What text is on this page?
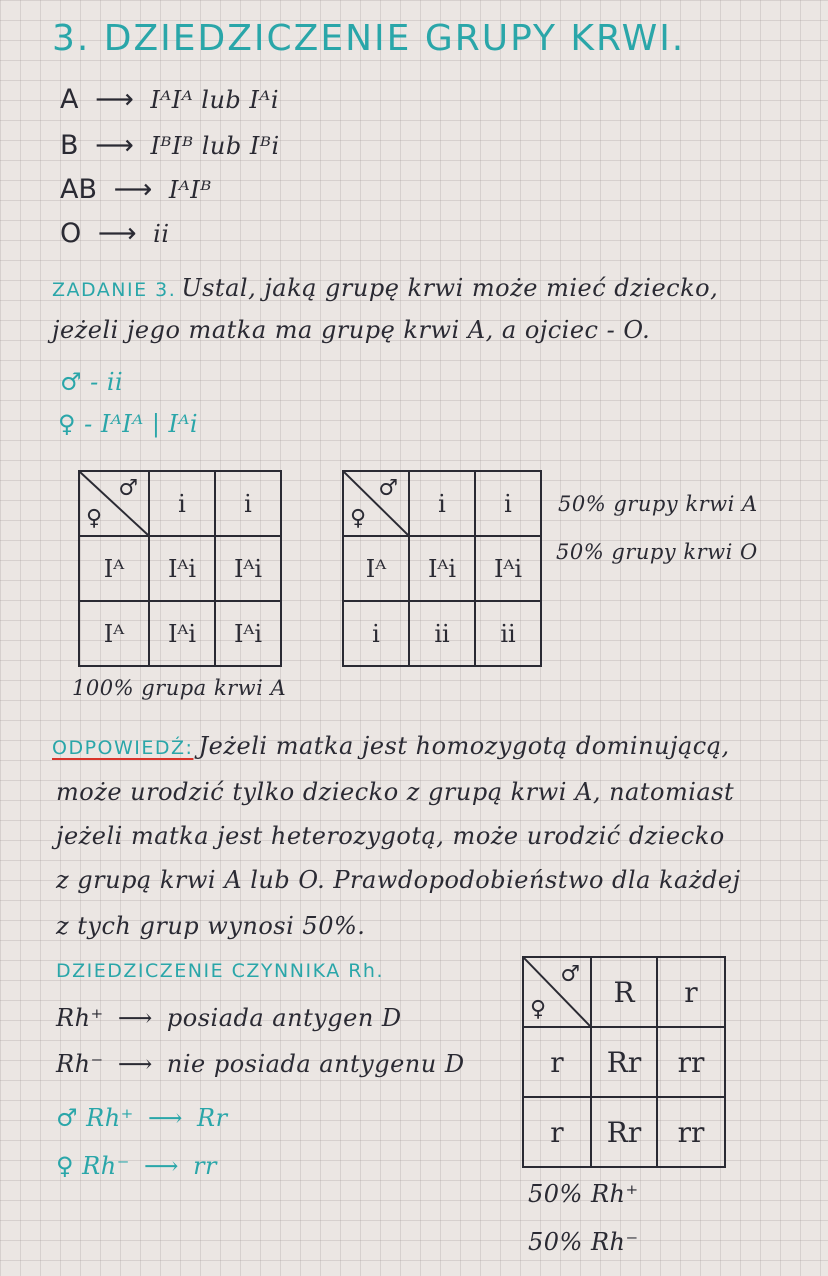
3. DZIEDZICZENIE GRUPY KRWI.
A ⟶ IᴬIᴬ lub Iᴬi
B ⟶ IᴮIᴮ lub Iᴮi
AB ⟶ IᴬIᴮ
O ⟶ ii
ZADANIE 3. Ustal, jaką grupę krwi może mieć dziecko,
jeżeli jego matka ma grupę krwi A, a ojciec - O.
♂ - ii
♀ - IᴬIᴬ | Iᴬi
♂
♀	i	i
Iᴬ	Iᴬi	Iᴬi
Iᴬ	Iᴬi	Iᴬi
100% grupa krwi A
♂
♀	i	i
Iᴬ	Iᴬi	Iᴬi
i	ii	ii
50% grupy krwi A
50% grupy krwi O
ODPOWIEDŹ: Jeżeli matka jest homozygotą dominującą,
może urodzić tylko dziecko z grupą krwi A, natomiast
jeżeli matka jest heterozygotą, może urodzić dziecko
z grupą krwi A lub O. Prawdopodobieństwo dla każdej
z tych grup wynosi 50%.
DZIEDZICZENIE CZYNNIKA Rh.
Rh⁺ ⟶ posiada antygen D
Rh⁻ ⟶ nie posiada antygenu D
♂ Rh⁺ ⟶ Rr
♀ Rh⁻ ⟶ rr
♂
♀	R	r
r	Rr	rr
r	Rr	rr
50% Rh⁺
50% Rh⁻
